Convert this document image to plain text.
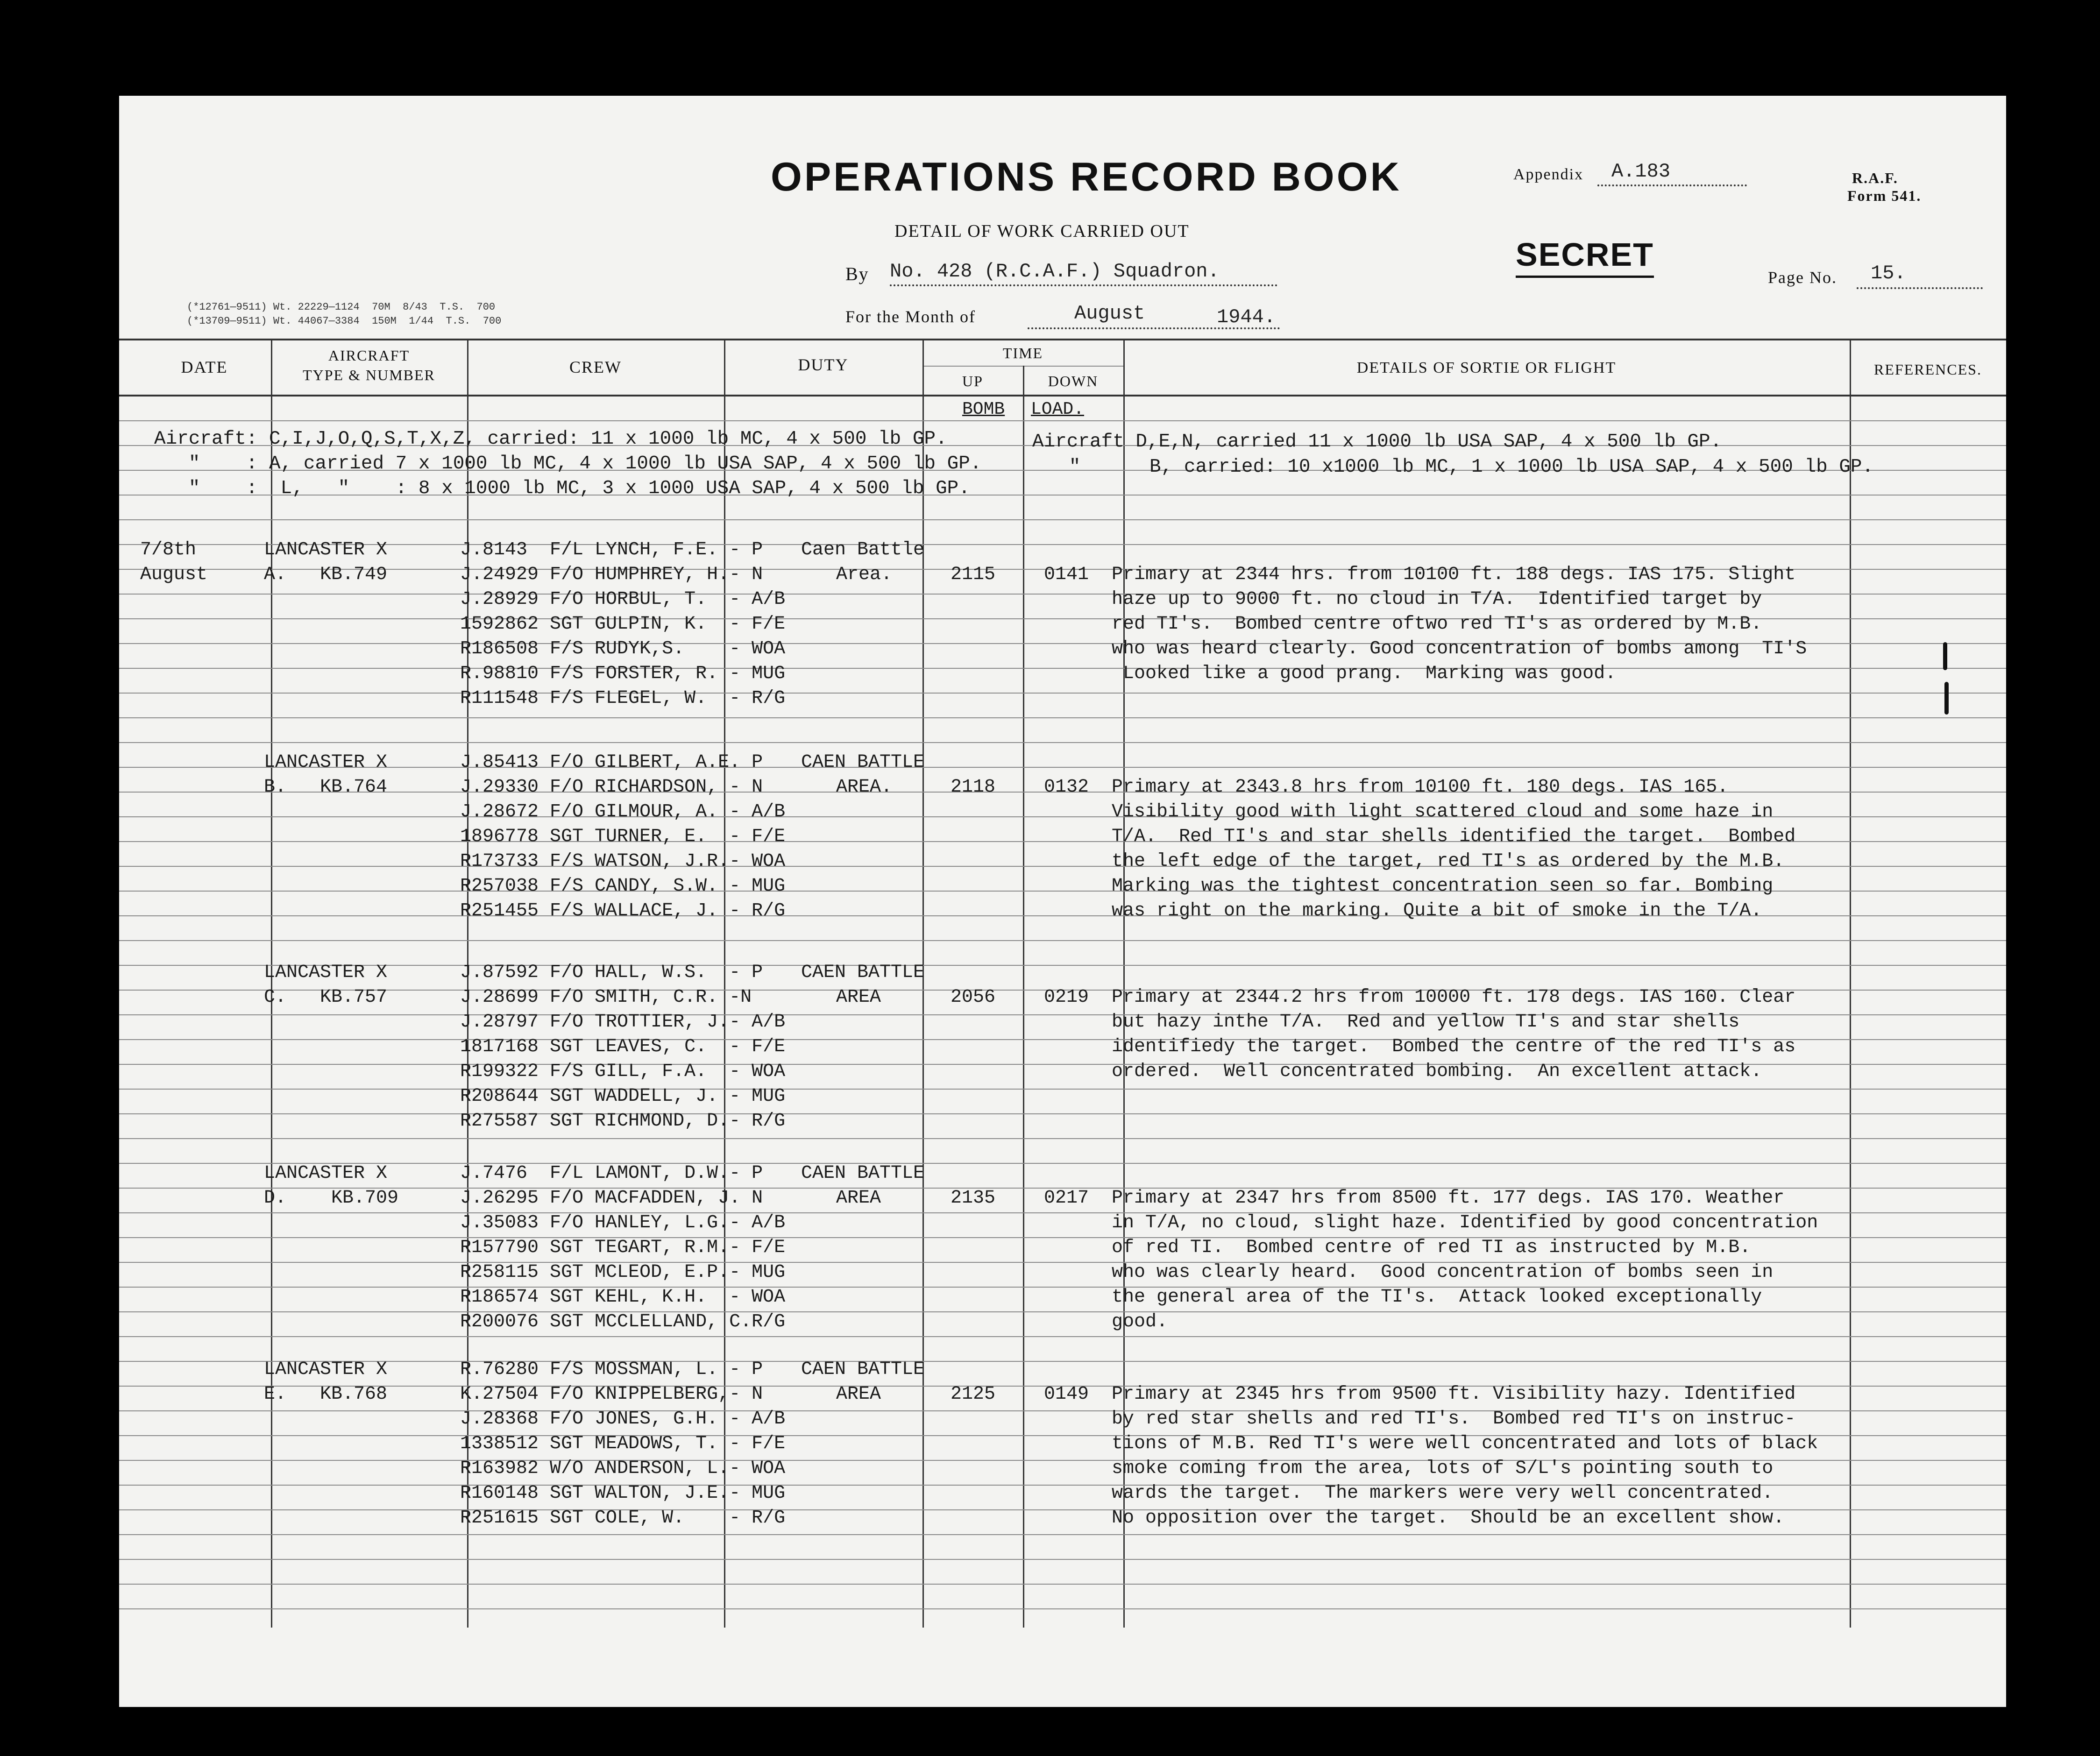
(*12761—9511) Wt. 22229—1124  70M  8/43  T.S.  700
(*13709—9511) Wt. 44067—3384  150M  1/44  T.S.  700
OPERATIONS RECORD BOOK
DETAIL OF WORK CARRIED OUT
By No. 428 (R.C.A.F.) Squadron.
For the Month of	August	1944.
Appendix A.183	R.A.F.
Form 541.
SECRET
Page No. 15.
DATE
AIRCRAFT
TYPE & NUMBER	CREW	DUTY
TIME
UP	DOWN
DETAILS OF SORTIE OR FLIGHT	REFERENCES.
BOMB LOAD.
Aircraft: C,I,J,O,Q,S,T,X,Z, carried: 11 x 1000 lb MC, 4 x 500 lb GP.
"    : A, carried 7 x 1000 lb MC, 4 x 1000 lb USA SAP, 4 x 500 lb GP.
"    :  L,   "    : 8 x 1000 lb MC, 3 x 1000 USA SAP, 4 x 500 lb GP.
Aircraft D,E,N, carried 11 x 1000 lb USA SAP, 4 x 500 lb GP.
"      B, carried: 10 x1000 lb MC, 1 x 1000 lb USA SAP, 4 x 500 lb GP.
7/8th
August
LANCASTER X
A.   KB.749
J.8143  F/L LYNCH, F.E. - P
J.24929 F/O HUMPHREY, H.- N
J.28929 F/O HORBUL, T.  - A/B
1592862 SGT GULPIN, K.  - F/E
R186508 F/S RUDYK,S.    - WOA
R.98810 F/S FORSTER, R. - MUG
R111548 F/S FLEGEL, W.  - R/G
Caen Battle
Area.	2115	0141 Primary at 2344 hrs. from 10100 ft. 188 degs. IAS 175. Slight
haze up to 9000 ft. no cloud in T/A.  Identified target by
red TI's.  Bombed centre oftwo red TI's as ordered by M.B.
who was heard clearly. Good concentration of bombs among  TI'S
Looked like a good prang.  Marking was good.
LANCASTER X
B.   KB.764
J.85413 F/O GILBERT, A.E. P
J.29330 F/O RICHARDSON, - N
J.28672 F/O GILMOUR, A. - A/B
1896778 SGT TURNER, E.  - F/E
R173733 F/S WATSON, J.R.- WOA
R257038 F/S CANDY, S.W. - MUG
R251455 F/S WALLACE, J. - R/G
CAEN BATTLE
AREA.	2118	0132 Primary at 2343.8 hrs from 10100 ft. 180 degs. IAS 165.
Visibility good with light scattered cloud and some haze in
T/A.  Red TI's and star shells identified the target.  Bombed
the left edge of the target, red TI's as ordered by the M.B.
Marking was the tightest concentration seen so far. Bombing
was right on the marking. Quite a bit of smoke in the T/A.
LANCASTER X
C.   KB.757
J.87592 F/O HALL, W.S.  - P
J.28699 F/O SMITH, C.R. -N
J.28797 F/O TROTTIER, J.- A/B
1817168 SGT LEAVES, C.  - F/E
R199322 F/S GILL, F.A.  - WOA
R208644 SGT WADDELL, J. - MUG
R275587 SGT RICHMOND, D.- R/G
CAEN BATTLE
AREA	2056	0219 Primary at 2344.2 hrs from 10000 ft. 178 degs. IAS 160. Clear
but hazy inthe T/A.  Red and yellow TI's and star shells
identifiedy the target.  Bombed the centre of the red TI's as
ordered.  Well concentrated bombing.  An excellent attack.
LANCASTER X
D.    KB.709
J.7476  F/L LAMONT, D.W.- P
J.26295 F/O MACFADDEN, J. N
J.35083 F/O HANLEY, L.G.- A/B
R157790 SGT TEGART, R.M.- F/E
R258115 SGT MCLEOD, E.P.- MUG
R186574 SGT KEHL, K.H.  - WOA
R200076 SGT MCCLELLAND, C.R/G
CAEN BATTLE
AREA	2135	0217 Primary at 2347 hrs from 8500 ft. 177 degs. IAS 170. Weather
in T/A, no cloud, slight haze. Identified by good concentration
of red TI.  Bombed centre of red TI as instructed by M.B.
who was clearly heard.  Good concentration of bombs seen in
the general area of the TI's.  Attack looked exceptionally
good.
LANCASTER X
E.   KB.768
R.76280 F/S MOSSMAN, L. - P
K.27504 F/O KNIPPELBERG,- N
J.28368 F/O JONES, G.H. - A/B
1338512 SGT MEADOWS, T. - F/E
R163982 W/O ANDERSON, L.- WOA
R160148 SGT WALTON, J.E.- MUG
R251615 SGT COLE, W.    - R/G
CAEN BATTLE
AREA	2125	0149 Primary at 2345 hrs from 9500 ft. Visibility hazy. Identified
by red star shells and red TI's.  Bombed red TI's on instruc-
tions of M.B. Red TI's were well concentrated and lots of black
smoke coming from the area, lots of S/L's pointing south to
wards the target.  The markers were very well concentrated.
No opposition over the target.  Should be an excellent show.
